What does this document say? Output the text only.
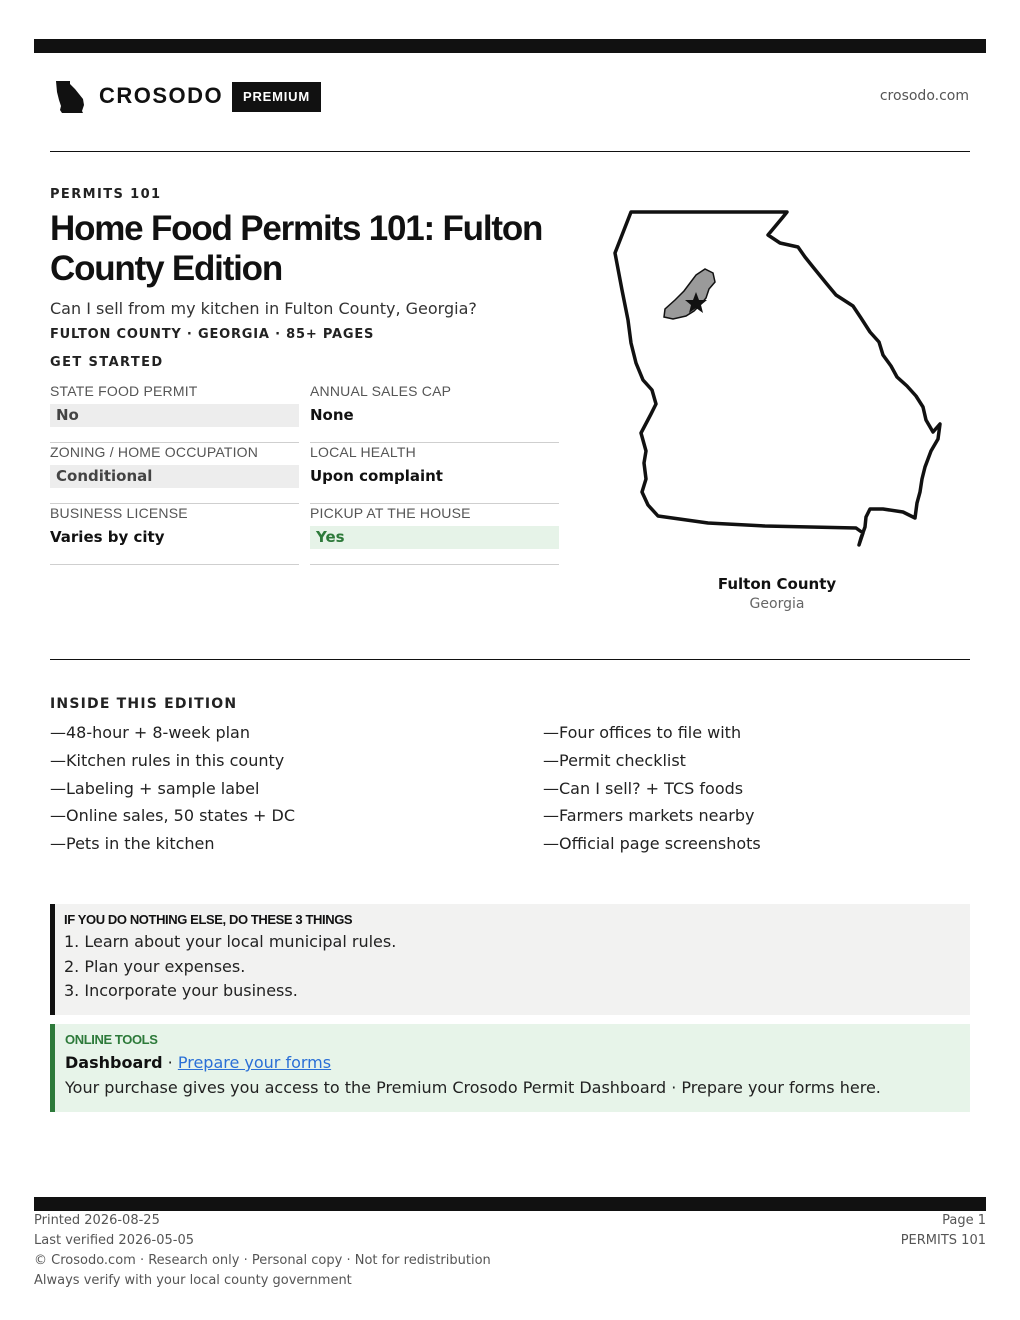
CROSODO	PREMIUM	crosodo.com
PERMITS 101
Home Food Permits 101: Fulton County Edition
Can I sell from my kitchen in Fulton County, Georgia?
FULTON COUNTY · GEORGIA · 85+ PAGES
GET STARTED
STATE FOOD PERMIT
No
ANNUAL SALES CAP
None
ZONING / HOME OCCUPATION
Conditional
LOCAL HEALTH
Upon complaint
BUSINESS LICENSE
Varies by city
PICKUP AT THE HOUSE
Yes
Fulton County
Georgia
INSIDE THIS EDITION
—48-hour + 8-week plan
—Kitchen rules in this county
—Labeling + sample label
—Online sales, 50 states + DC
—Pets in the kitchen
—Four offices to file with
—Permit checklist
—Can I sell? + TCS foods
—Farmers markets nearby
—Official page screenshots
IF YOU DO NOTHING ELSE, DO THESE 3 THINGS
1. Learn about your local municipal rules.
2. Plan your expenses.
3. Incorporate your business.
ONLINE TOOLS
Dashboard · Prepare your forms
Your purchase gives you access to the Premium Crosodo Permit Dashboard · Prepare your forms here.
Printed 2026-08-25
Last verified 2026-05-05
© Crosodo.com · Research only · Personal copy · Not for redistribution
Always verify with your local county government
Page 1
PERMITS 101
